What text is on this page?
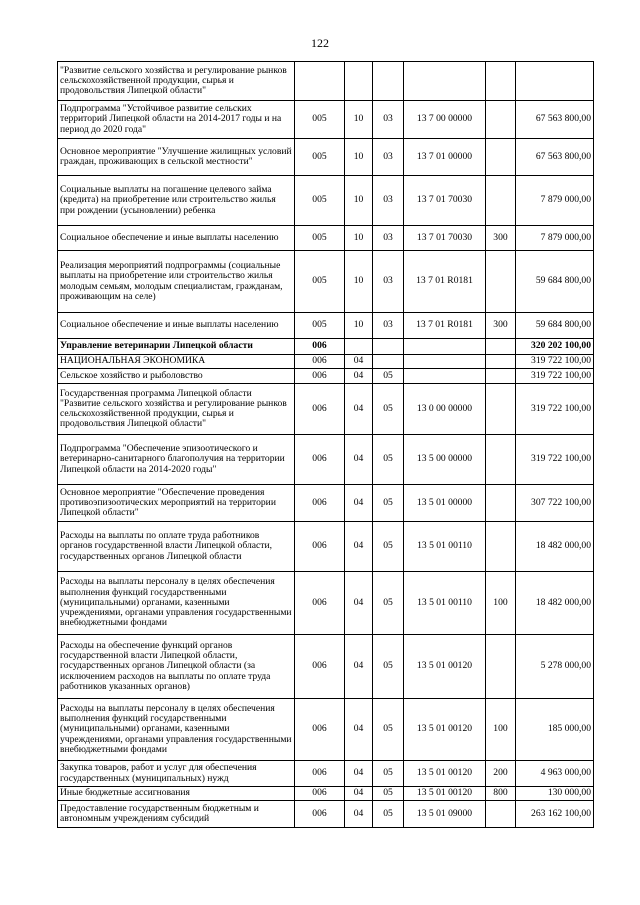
122
"Развитие сельского хозяйства и регулирование рынков сельскохозяйственной продукции, сырья и продовольствия Липецкой области"						
Подпрограмма "Устойчивое развитие сельских территорий Липецкой области на 2014-2017 годы и на период до 2020 года"	005	10	03	13 7 00 00000		67 563 800,00
Основное мероприятие "Улучшение жилищных условий граждан, проживающих в сельской местности"	005	10	03	13 7 01 00000		67 563 800,00
Социальные выплаты на погашение целевого займа (кредита) на приобретение или строительство жилья при рождении (усыновлении) ребенка	005	10	03	13 7 01 70030		7 879 000,00
Социальное обеспечение и иные выплаты населению	005	10	03	13 7 01 70030	300	7 879 000,00
Реализация мероприятий подпрограммы (социальные выплаты на приобретение или строительство жилья молодым семьям, молодым специалистам, гражданам, проживающим на селе)	005	10	03	13 7 01 R0181		59 684 800,00
Социальное обеспечение и иные выплаты населению	005	10	03	13 7 01 R0181	300	59 684 800,00
Управление ветеринарии Липецкой области	006					320 202 100,00
НАЦИОНАЛЬНАЯ ЭКОНОМИКА	006	04				319 722 100,00
Сельское хозяйство и рыболовство	006	04	05			319 722 100,00
Государственная программа Липецкой области "Развитие сельского хозяйства и регулирование рынков сельскохозяйственной продукции, сырья и продовольствия Липецкой области"	006	04	05	13 0 00 00000		319 722 100,00
Подпрограмма "Обеспечение эпизоотического и ветеринарно-санитарного благополучия на территории Липецкой области на 2014-2020 годы"	006	04	05	13 5 00 00000		319 722 100,00
Основное мероприятие "Обеспечение проведения противоэпизоотических мероприятий на территории Липецкой области"	006	04	05	13 5 01 00000		307 722 100,00
Расходы на выплаты по оплате труда работников органов государственной власти Липецкой области, государственных органов Липецкой области	006	04	05	13 5 01 00110		18 482 000,00
Расходы на выплаты персоналу в целях обеспечения выполнения функций государственными (муниципальными) органами, казенными учреждениями, органами управления государственными внебюджетными фондами	006	04	05	13 5 01 00110	100	18 482 000,00
Расходы на обеспечение функций органов государственной власти Липецкой области, государственных органов Липецкой области (за исключением расходов на выплаты по оплате труда работников указанных органов)	006	04	05	13 5 01 00120		5 278 000,00
Расходы на выплаты персоналу в целях обеспечения выполнения функций государственными (муниципальными) органами, казенными учреждениями, органами управления государственными внебюджетными фондами	006	04	05	13 5 01 00120	100	185 000,00
Закупка товаров, работ и услуг для обеспечения государственных (муниципальных) нужд	006	04	05	13 5 01 00120	200	4 963 000,00
Иные бюджетные ассигнования	006	04	05	13 5 01 00120	800	130 000,00
Предоставление государственным бюджетным и автономным учреждениям субсидий	006	04	05	13 5 01 09000		263 162 100,00
